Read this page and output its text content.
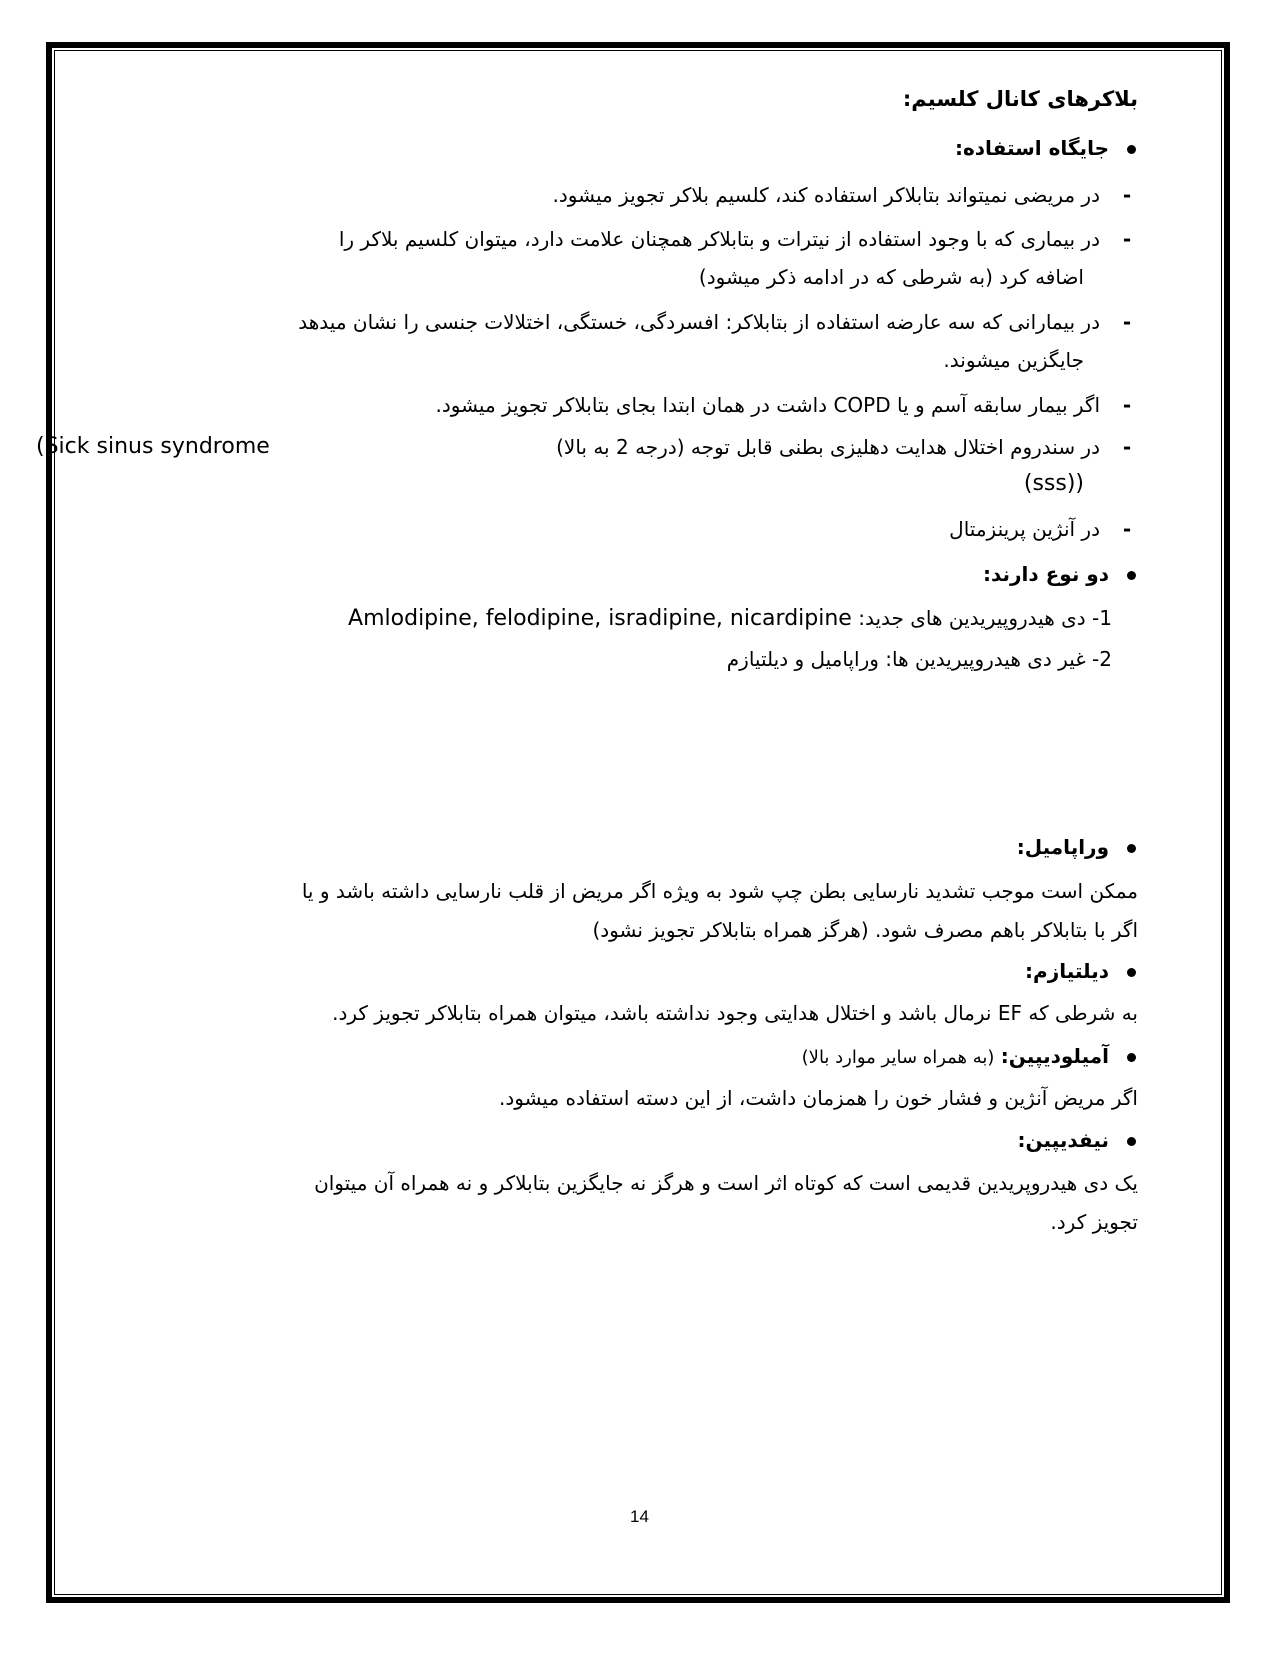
بلاکرهای کانال کلسیم:
جایگاه استفاده:
-در مریضی نمیتواند بتابلاکر استفاده کند، کلسیم بلاکر تجویز میشود.
-در بیماری که با وجود استفاده از نیترات و بتابلاکر همچنان علامت دارد، میتوان کلسیم بلاکر را
اضافه کرد (به شرطی که در ادامه ذکر میشود)
-در بیمارانی که سه عارضه استفاده از بتابلاکر: افسردگی، خستگی، اختلالات جنسی را نشان میدهد
جایگزین میشوند.
-اگر بیمار سابقه آسم و یا COPD داشت در همان ابتدا بجای بتابلاکر تجویز میشود.
-در سندروم اختلال هدایت دهلیزی بطنی قابل توجه (درجه 2 به بالا)
(Sick sinus syndrome
(sss))
-در آنژین پرینزمتال
دو نوع دارند:
1- دی هیدروپیریدین های جدید: Amlodipine, felodipine, isradipine, nicardipine
2- غیر دی هیدروپیریدین ها: وراپامیل و دیلتیازم
وراپامیل:
ممکن است موجب تشدید نارسایی بطن چپ شود به ویژه اگر مریض از قلب نارسایی داشته باشد و یا
اگر با بتابلاکر باهم مصرف شود. (هرگز همراه بتابلاکر تجویز نشود)
دیلتیازم:
به شرطی که EF نرمال باشد و اختلال هدایتی وجود نداشته باشد، میتوان همراه بتابلاکر تجویز کرد.
آمیلودیپین: (به همراه سایر موارد بالا)
اگر مریض آنژین و فشار خون را همزمان داشت، از این دسته استفاده میشود.
نیفدیپین:
یک دی هیدروپریدین قدیمی است که کوتاه اثر است و هرگز نه جایگزین بتابلاکر و نه همراه آن میتوان
تجویز کرد.
14
